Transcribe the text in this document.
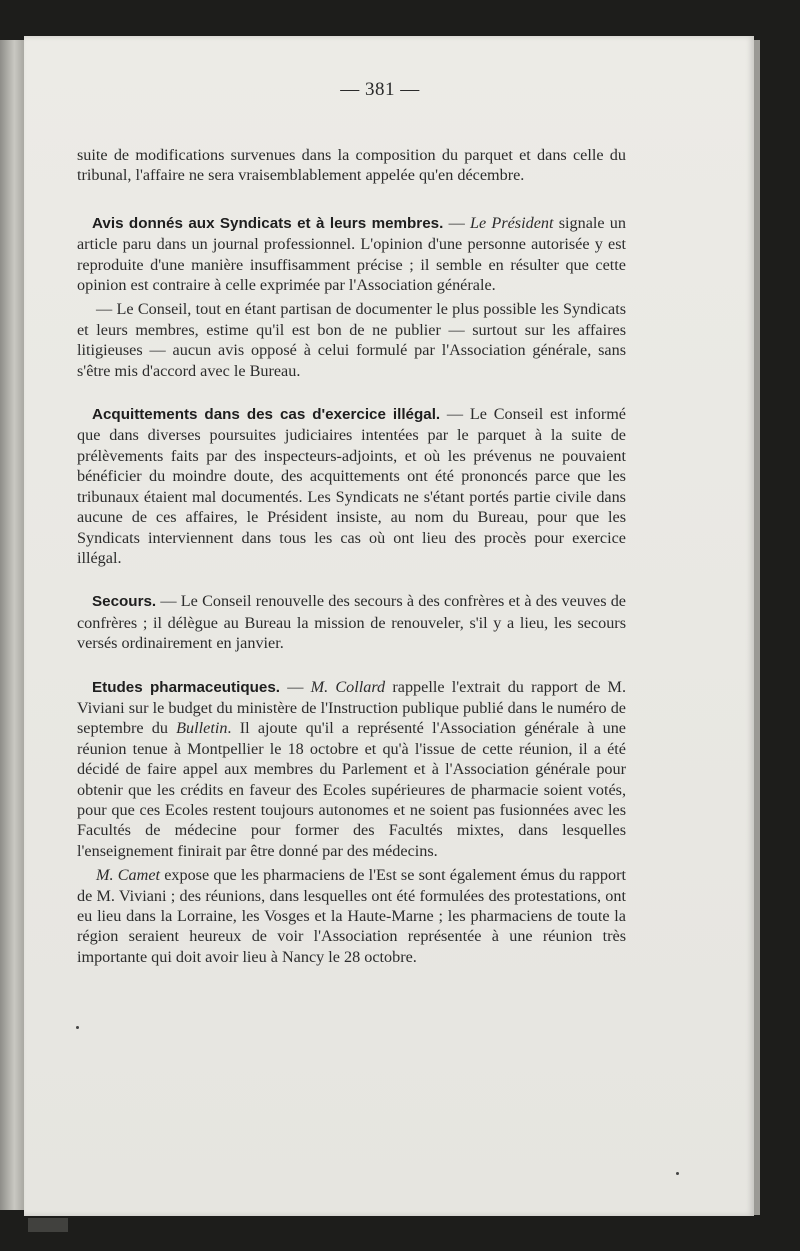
— 381 —

suite de modifications survenues dans la composition du parquet et dans celle du tribunal, l'affaire ne sera vraisemblablement appelée qu'en décembre.

Avis donnés aux Syndicats et à leurs membres. — Le Président signale un article paru dans un journal professionnel. L'opinion d'une personne autorisée y est reproduite d'une manière insuffisamment précise ; il semble en résulter que cette opinion est contraire à celle exprimée par l'Association générale.

— Le Conseil, tout en étant partisan de documenter le plus possible les Syndicats et leurs membres, estime qu'il est bon de ne publier — surtout sur les affaires litigieuses — aucun avis opposé à celui formulé par l'Association générale, sans s'être mis d'accord avec le Bureau.

Acquittements dans des cas d'exercice illégal. — Le Conseil est informé que dans diverses poursuites judiciaires intentées par le parquet à la suite de prélèvements faits par des inspecteurs-adjoints, et où les prévenus ne pouvaient bénéficier du moindre doute, des acquittements ont été prononcés parce que les tribunaux étaient mal documentés. Les Syndicats ne s'étant portés partie civile dans aucune de ces affaires, le Président insiste, au nom du Bureau, pour que les Syndicats interviennent dans tous les cas où ont lieu des procès pour exercice illégal.

Secours. — Le Conseil renouvelle des secours à des confrères et à des veuves de confrères ; il délègue au Bureau la mission de renouveler, s'il y a lieu, les secours versés ordinairement en janvier.

Etudes pharmaceutiques. — M. Collard rappelle l'extrait du rapport de M. Viviani sur le budget du ministère de l'Instruction publique publié dans le numéro de septembre du Bulletin. Il ajoute qu'il a représenté l'Association générale à une réunion tenue à Montpellier le 18 octobre et qu'à l'issue de cette réunion, il a été décidé de faire appel aux membres du Parlement et à l'Association générale pour obtenir que les crédits en faveur des Ecoles supérieures de pharmacie soient votés, pour que ces Ecoles restent toujours autonomes et ne soient pas fusionnées avec les Facultés de médecine pour former des Facultés mixtes, dans lesquelles l'enseignement finirait par être donné par des médecins.

M. Camet expose que les pharmaciens de l'Est se sont également émus du rapport de M. Viviani ; des réunions, dans lesquelles ont été formulées des protestations, ont eu lieu dans la Lorraine, les Vosges et la Haute-Marne ; les pharmaciens de toute la région seraient heureux de voir l'Association représentée à une réunion très importante qui doit avoir lieu à Nancy le 28 octobre.
